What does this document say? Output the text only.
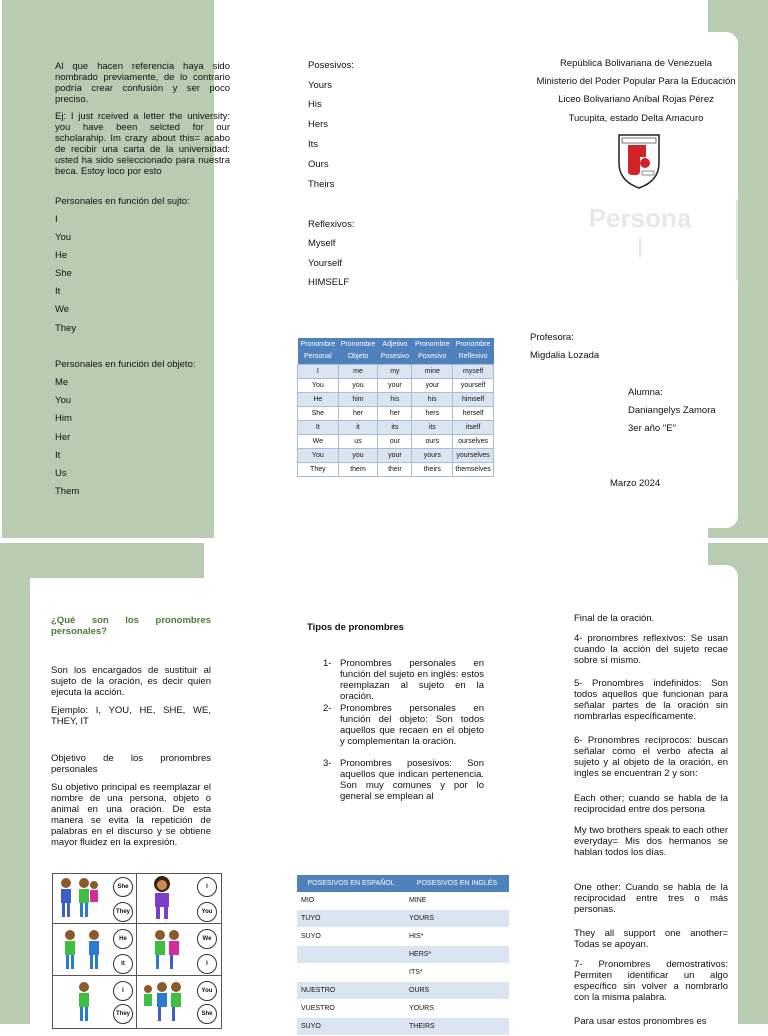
Al que hacen referencia haya sido nombrado previamente, de lo contrario podría crear confusión y ser poco preciso.
Ej: I just rceived a letter the university: you have been selcted for our scholarahip. Im crazy about this= acabo de recibir una carta de la universidad: usted ha sido seleccionado para nuestra beca. Estoy loco por esto
Personales en función del sujto:
I
You
He
She
It
We
They
Personales en función del objeto:
Me
You
Him
Her
It
Us
Them
Posesivos:
Yours
His
Hers
Its
Ours
Theirs
Reflexivos:
Myself
Yourself
HIMSELF
Pronombre Personal	Pronombre Objeto	Adjetivo Posesivo	Pronombre Posesivo	Pronombre Reflexivo
I	me	my	mine	myself
You	you	your	your	yourself
He	him	his	his	himself
She	her	her	hers	herself
It	it	its	its	itself
We	us	our	ours	ourselves
You	you	your	yours	yourselves
They	them	their	theirs	themselves
República Bolivariana de Venezuela
Ministerio del Poder Popular Para la Educación
Liceo Bolivariano Aníbal Rojas Pérez
Tucupita, estado Delta Amacuro
Persona
l
Profesora:
Migdalia Lozada
Alumna:
Daniangelys Zamora
3er año "E"
Marzo 2024
¿Qué son los pronombres personales?
Son los encargados de sustituir al sujeto de la oración, es decir quien ejecuta la acción.
Ejemplo: I, YOU, HE, SHE, WE, THEY, IT
Objetivo de los pronombres personales
Su objetivo principal es reemplazar el nombre de una persona, objeto o animal en una oración. De esta manera se evita la repetición de palabras en el discurso y se obtiene mayor fluidez en la expresión.
She
They
I
You
He
It
We
I
I
They
You
She
Tipos de pronombres
1- Pronombres personales en función del sujeto en inglés: estos reemplazan al sujeto en la oración.
2- Pronombres personales en función del objeto: Son todos aquellos que recaen en el objeto y complementan la oración.
3- Pronombres posesivos: Son aquellos que indican pertenencia. Son muy comunes y por lo general se emplean al
POSESIVOS EN ESPAÑOL	POSESIVOS EN INGLÉS
MIO	MINE
TUYO	YOURS
SUYO	HIS*
	HERS*
	ITS*
NUESTRO	OURS
VUESTRO	YOURS
SUYO	THEIRS
Final de la oración.
4- pronombres reflexivos: Se usan cuando la acción del sujeto recae sobre sí mismo.
5- Pronombres indefinidos: Son todos aquellos que funcionan para señalar partes de la oración sin nombrarlas específicamente.
6- Pronombres recíprocos: buscan señalar como el verbo afecta al sujeto y al objeto de la oración, en ingles se encuentran 2 y son:
Each other; cuando se habla de la reciprocidad entre dos persona
My two brothers speak to each other everyday= Mis dos hermanos se hablan todos los días.
One other: Cuando se habla de la reciprocidad entre tres o más personas.
They all support one another= Todas se apoyan.
7- Pronombres demostrativos: Permiten identificar un algo específico sin volver a nombrarlo con la misma palabra.
Para usar estos pronombres es
